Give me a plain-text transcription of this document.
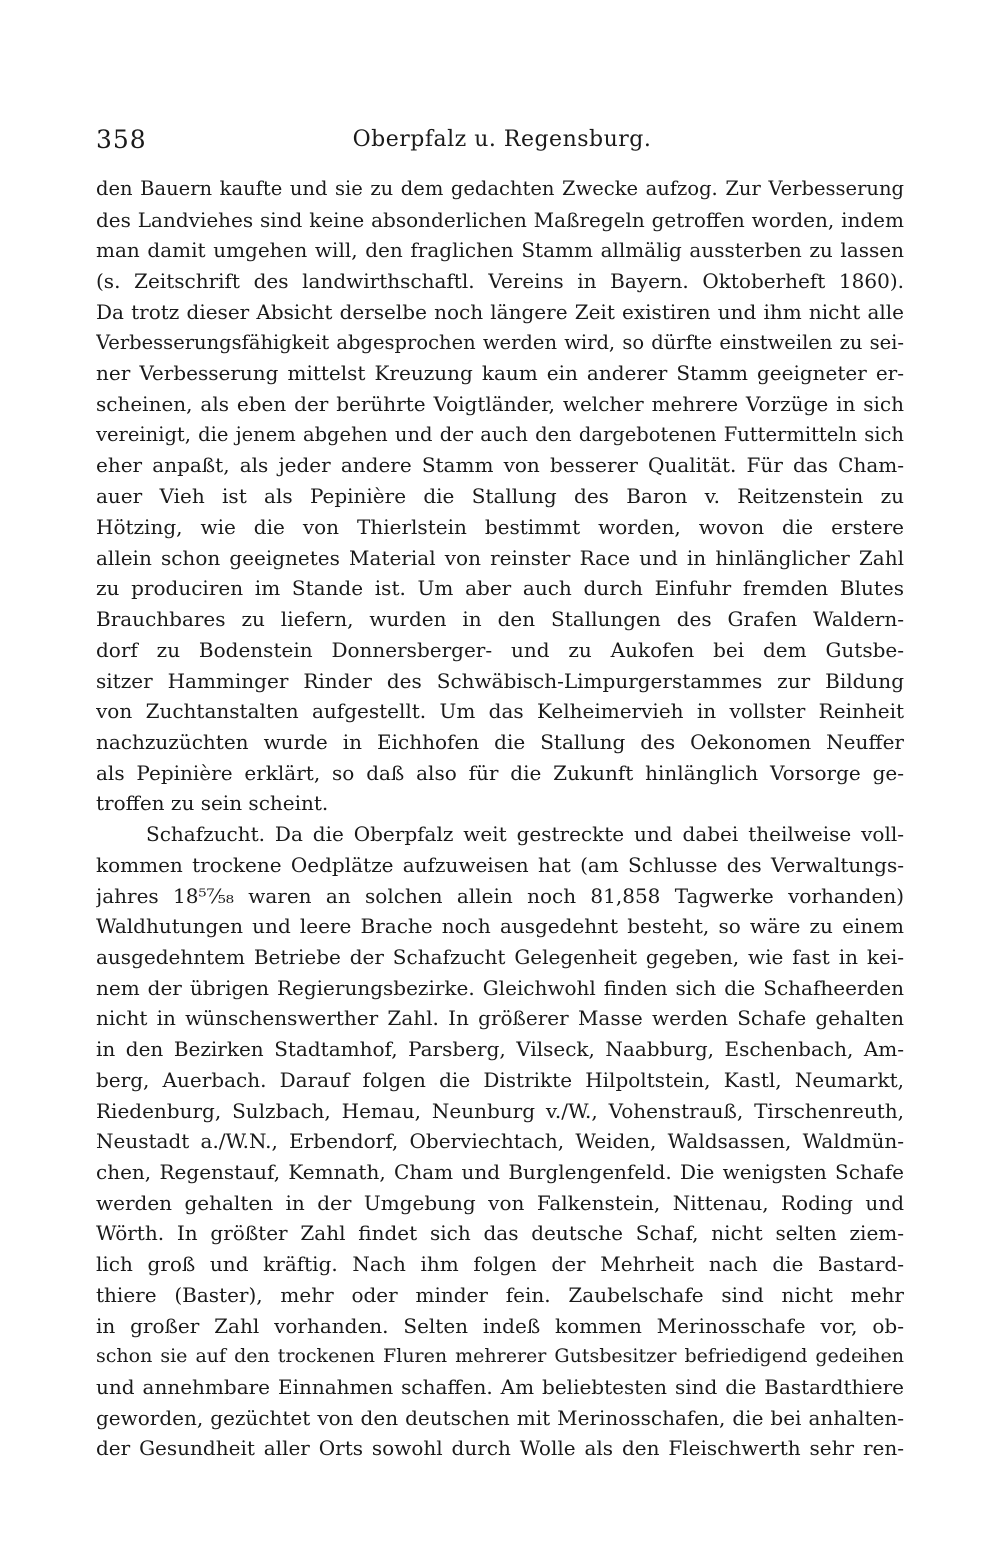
358	Oberpfalz u. Regensburg.
den Bauern kaufte und sie zu dem gedachten Zwecke aufzog. Zur Verbesserung
des Landviehes sind keine absonderlichen Maßregeln getroffen worden, indem
man damit umgehen will, den fraglichen Stamm allmälig aussterben zu lassen
(s. Zeitschrift des landwirthschaftl. Vereins in Bayern. Oktoberheft 1860).
Da trotz dieser Absicht derselbe noch längere Zeit existiren und ihm nicht alle
Verbesserungsfähigkeit abgesprochen werden wird, so dürfte einstweilen zu sei-
ner Verbesserung mittelst Kreuzung kaum ein anderer Stamm geeigneter er-
scheinen, als eben der berührte Voigtländer, welcher mehrere Vorzüge in sich
vereinigt, die jenem abgehen und der auch den dargebotenen Futtermitteln sich
eher anpaßt, als jeder andere Stamm von besserer Qualität. Für das Cham-
auer Vieh ist als Pepinière die Stallung des Baron v. Reitzenstein zu
Hötzing, wie die von Thierlstein bestimmt worden, wovon die erstere
allein schon geeignetes Material von reinster Race und in hinlänglicher Zahl
zu produciren im Stande ist. Um aber auch durch Einfuhr fremden Blutes
Brauchbares zu liefern, wurden in den Stallungen des Grafen Waldern-
dorf zu Bodenstein Donnersberger- und zu Aukofen bei dem Gutsbe-
sitzer Hamminger Rinder des Schwäbisch-Limpurgerstammes zur Bildung
von Zuchtanstalten aufgestellt. Um das Kelheimervieh in vollster Reinheit
nachzuzüchten wurde in Eichhofen die Stallung des Oekonomen Neuffer
als Pepinière erklärt, so daß also für die Zukunft hinlänglich Vorsorge ge-
troffen zu sein scheint.
Schafzucht. Da die Oberpfalz weit gestreckte und dabei theilweise voll-
kommen trockene Oedplätze aufzuweisen hat (am Schlusse des Verwaltungs-
jahres 18⁵⁷⁄₅₈ waren an solchen allein noch 81,858 Tagwerke vorhanden)
Waldhutungen und leere Brache noch ausgedehnt besteht, so wäre zu einem
ausgedehntem Betriebe der Schafzucht Gelegenheit gegeben, wie fast in kei-
nem der übrigen Regierungsbezirke. Gleichwohl finden sich die Schafheerden
nicht in wünschenswerther Zahl. In größerer Masse werden Schafe gehalten
in den Bezirken Stadtamhof, Parsberg, Vilseck, Naabburg, Eschenbach, Am-
berg, Auerbach. Darauf folgen die Distrikte Hilpoltstein, Kastl, Neumarkt,
Riedenburg, Sulzbach, Hemau, Neunburg v./W., Vohenstrauß, Tirschenreuth,
Neustadt a./W.N., Erbendorf, Oberviechtach, Weiden, Waldsassen, Waldmün-
chen, Regenstauf, Kemnath, Cham und Burglengenfeld. Die wenigsten Schafe
werden gehalten in der Umgebung von Falkenstein, Nittenau, Roding und
Wörth. In größter Zahl findet sich das deutsche Schaf, nicht selten ziem-
lich groß und kräftig. Nach ihm folgen der Mehrheit nach die Bastard-
thiere (Baster), mehr oder minder fein. Zaubelschafe sind nicht mehr
in großer Zahl vorhanden. Selten indeß kommen Merinosschafe vor, ob-
schon sie auf den trockenen Fluren mehrerer Gutsbesitzer befriedigend gedeihen
und annehmbare Einnahmen schaffen. Am beliebtesten sind die Bastardthiere
geworden, gezüchtet von den deutschen mit Merinosschafen, die bei anhalten-
der Gesundheit aller Orts sowohl durch Wolle als den Fleischwerth sehr ren-
